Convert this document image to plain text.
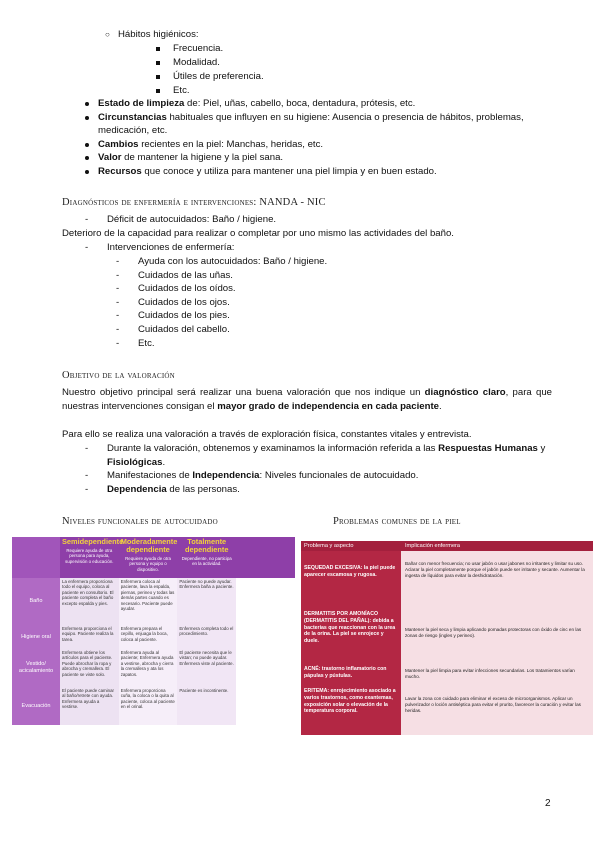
○ Hábitos higiénicos:
Frecuencia.
Modalidad.
Útiles de preferencia.
Etc.
Estado de limpieza de: Piel, uñas, cabello, boca, dentadura, prótesis, etc.
Circunstancias habituales que influyen en su higiene: Ausencia o presencia de hábitos, problemas, medicación, etc.
Cambios recientes en la piel: Manchas, heridas, etc.
Valor de mantener la higiene y la piel sana.
Recursos que conoce y utiliza para mantener una piel limpia y en buen estado.
Diagnósticos de enfermería e intervenciones: NANDA - NIC
- Déficit de autocuidados: Baño / higiene.
Deterioro de la capacidad para realizar o completar por uno mismo las actividades del baño.
- Intervenciones de enfermería:
- Ayuda con los autocuidados: Baño / higiene.
- Cuidados de las uñas.
- Cuidados de los oídos.
- Cuidados de los ojos.
- Cuidados de los pies.
- Cuidados del cabello.
- Etc.
Objetivo de la valoración
Nuestro objetivo principal será realizar una buena valoración que nos indique un diagnóstico claro, para que nuestras intervenciones consigan el mayor grado de independencia en cada paciente.
Para ello se realiza una valoración a través de exploración física, constantes vitales y entrevista.
- Durante la valoración, obtenemos y examinamos la información referida a las Respuestas Humanas y Fisiológicas.
- Manifestaciones de Independencia: Niveles funcionales de autocuidado.
- Dependencia de las personas.
Niveles funcionales de autocuidado	Problemas comunes de la piel
Semidependiente
Requiere ayuda de otra persona para ayuda, supervisión o educación.
Moderadamente dependiente
Requiere ayuda de otra persona y equipo o dispositivo.
Totalmente dependiente
Dependiente, no participa en la actividad.
Baño
La enfermera proporciona todo el equipo, coloca al paciente en consultorio. El paciente completa el baño excepto espalda y pies.
Enfermera coloca al paciente, lava la espalda, piernas, perineo y todas las demás partes cuando es necesario. Paciente puede ayudar.
Paciente no puede ayudar. Enfermera baña a paciente.
Higiene oral
Enfermera proporciona el equipo. Paciente realiza la tarea.
Enfermera prepara el cepillo, enjuaga la boca, coloca al paciente.
Enfermera completa todo el procedimiento.
Vestido/ acicalamiento
Enfermera obtiene los artículos para el paciente. Puede abrochar la ropa y abrocha y cremallera. El paciente se viste solo.
Enfermera ayuda al paciente; Enfermera ayuda a vestirse, abrocha y cierra la cremallera y ata los zapatos.
El paciente necesita que le vistan; no puede ayudar. Enfermera viste al paciente.
Evacuación
El paciente puede caminar al baño/retrete con ayuda. Enfermera ayuda a vestirse.
Enfermera proporciona cuña, la coloca o la quita al paciente, coloca al paciente en el orinal.
Paciente es incontinente.
Problema y aspecto	Implicación enfermera
SEQUEDAD EXCESIVA: la piel puede aparecer escamosa y rugosa.
Bañar con menor frecuencia; no usar jabón o usar jabones no irritantes y limitar su uso. Aclarar la piel completamente porque el jabón puede ser irritante y secante. Aumentar la ingesta de líquidos para evitar la deshidratación.
DERMATITIS POR AMONÍACO (DERMATITIS DEL PAÑAL): debida a bacterias que reaccionan con la urea de la orina. La piel se enrojece y duele.
Mantener la piel seca y limpia aplicando pomadas protectoras con óxido de cinc en las zonas de riesgo (ingles y perineo).
ACNÉ: trastorno inflamatorio con pápulas y pústulas.
Mantener la piel limpia para evitar infecciones secundarias. Los tratamientos varían mucho.
ERITEMA: enrojecimiento asociado a varios trastornos, como exantemas, exposición solar o elevación de la temperatura corporal.
Lavar la zona con cuidado para eliminar el exceso de microorganismos. Aplicar un pulverizador o loción antiséptica para evitar el prurito, favorecer la curación y evitar las heridas.
2
